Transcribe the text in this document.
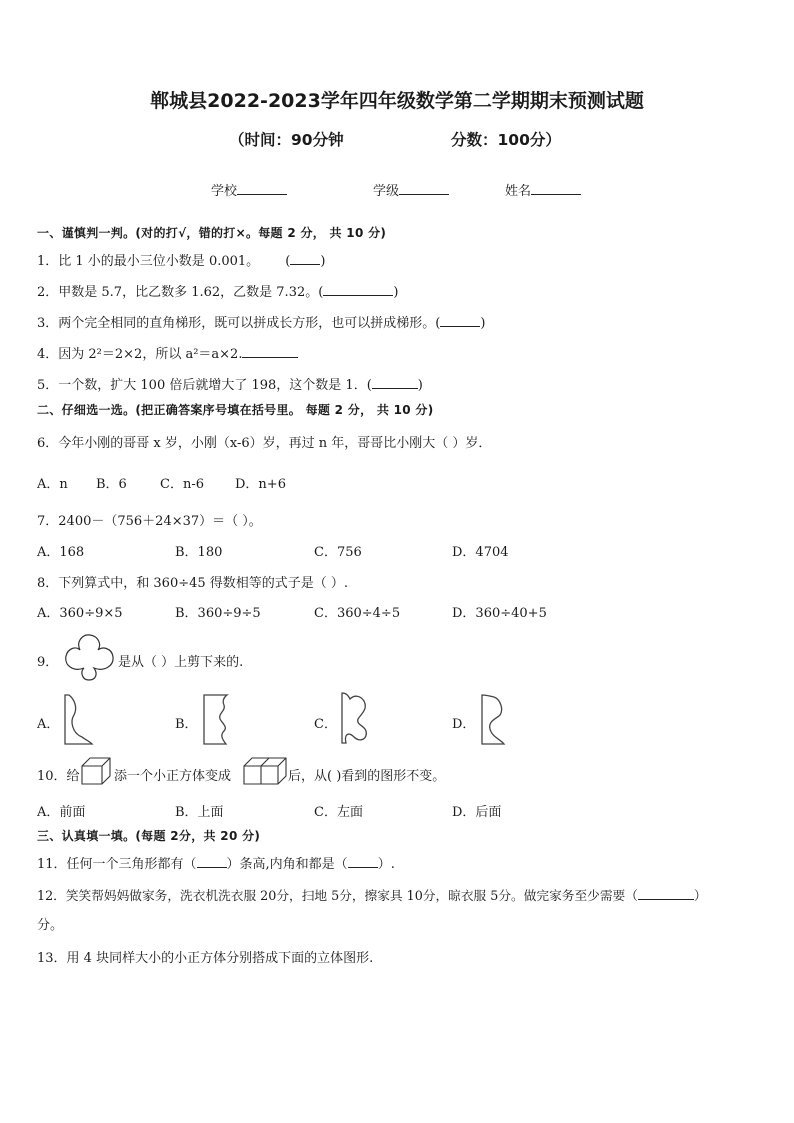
郸城县2022-2023学年四年级数学第二学期期末预测试题
（时间：90分钟	分数：100分）
学校	学级	姓名
一、谨慎判一判。(对的打√，错的打×。每题 2 分， 共 10 分)
1．比 1 小的最小三位小数是 0.001。 ( )
2．甲数是 5.7，比乙数多 1.62，乙数是 7.32。(	)
3．两个完全相同的直角梯形，既可以拼成长方形，也可以拼成梯形。(	)
4．因为 2²＝2×2，所以 a²＝a×2.
5．一个数，扩大 100 倍后就增大了 198，这个数是 1．(	)
二、仔细选一选。(把正确答案序号填在括号里。 每题 2 分， 共 10 分)
6．今年小刚的哥哥 x 岁，小刚（x-6）岁，再过 n 年，哥哥比小刚大（ ）岁．
A．n B．6	C．n-6 D．n+6
7．2400－（756＋24×37）＝（ ）。
A．168	B．180	C．756	D．4704
8．下列算式中，和 360÷45 得数相等的式子是（ ）.
A．360÷9×5	B．360÷9÷5	C．360÷4÷5	D．360÷40+5
9．	是从（ ）上剪下来的.
A．	B．	C．	D．
10．给	添一个小正方体变成	后，从( )看到的图形不变。
A．前面	B．上面	C．左面	D．后面
三、认真填一填。(每题 2分，共 20 分)
11．任何一个三角形都有（ ）条高,内角和都是（ ）.
12．笑笑帮妈妈做家务，洗衣机洗衣服 20分，扫地 5分，擦家具 10分，晾衣服 5分。做完家务至少需要（	）
分。
13．用 4 块同样大小的小正方体分别搭成下面的立体图形.
